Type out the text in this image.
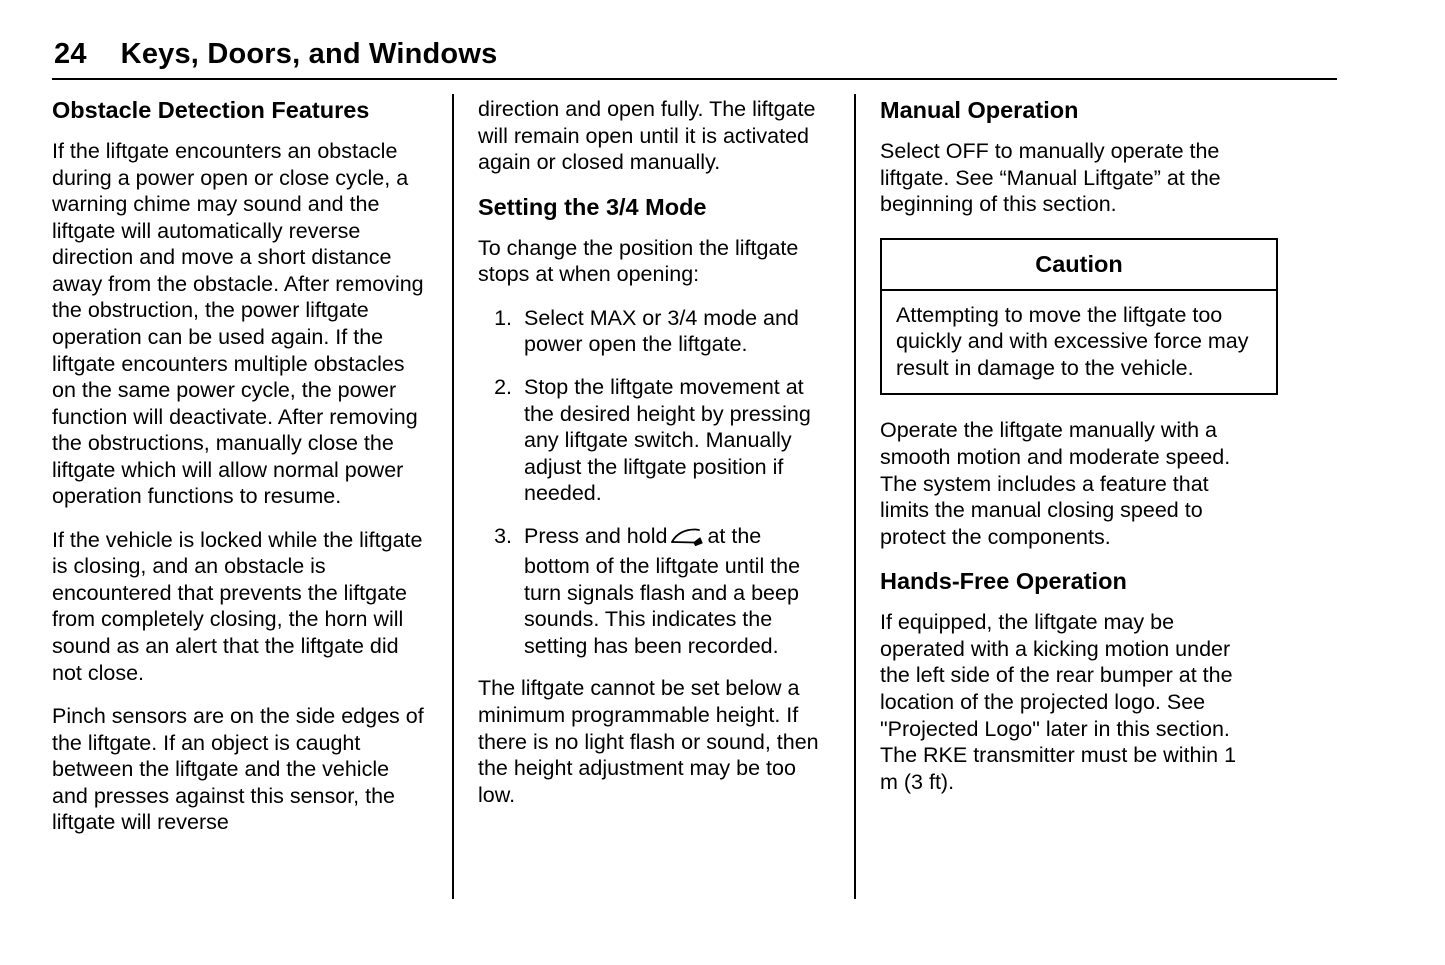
24 Keys, Doors, and Windows
Obstacle Detection Features

If the liftgate encounters an obstacle during a power open or close cycle, a warning chime may sound and the liftgate will automatically reverse direction and move a short distance away from the obstacle. After removing the obstruction, the power liftgate operation can be used again. If the liftgate encounters multiple obstacles on the same power cycle, the power function will deactivate. After removing the obstructions, manually close the liftgate which will allow normal power operation functions to resume.

If the vehicle is locked while the liftgate is closing, and an obstacle is encountered that prevents the liftgate from completely closing, the horn will sound as an alert that the liftgate did not close.

Pinch sensors are on the side edges of the liftgate. If an object is caught between the liftgate and the vehicle and presses against this sensor, the liftgate will reverse

direction and open fully. The liftgate will remain open until it is activated again or closed manually.

Setting the 3/4 Mode

To change the position the liftgate stops at when opening:

1. Select MAX or 3/4 mode and power open the liftgate.
2. Stop the liftgate movement at the desired height by pressing any liftgate switch. Manually adjust the liftgate position if needed.
3. Press and hold at the bottom of the liftgate until the turn signals flash and a beep sounds. This indicates the setting has been recorded.

The liftgate cannot be set below a minimum programmable height. If there is no light flash or sound, then the height adjustment may be too low.

Manual Operation

Select OFF to manually operate the liftgate. See “Manual Liftgate” at the beginning of this section.

Caution
Attempting to move the liftgate too quickly and with excessive force may result in damage to the vehicle.

Operate the liftgate manually with a smooth motion and moderate speed. The system includes a feature that limits the manual closing speed to protect the components.

Hands-Free Operation

If equipped, the liftgate may be operated with a kicking motion under the left side of the rear bumper at the location of the projected logo. See "Projected Logo" later in this section. The RKE transmitter must be within 1 m (3 ft).
